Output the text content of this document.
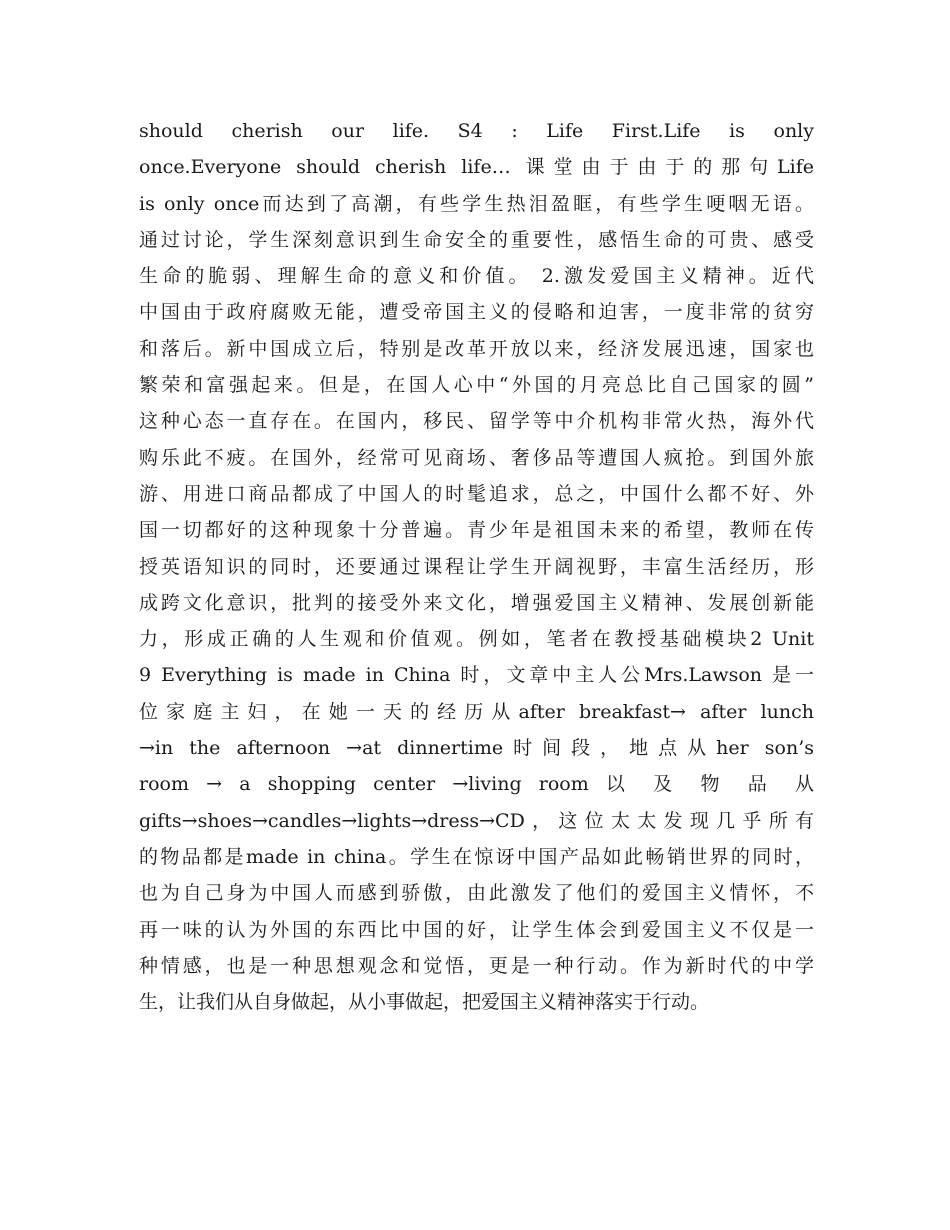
should cherish our life. S4 : Life First.Life is only
once.Everyone should cherish life… 课堂由于由于的那句Life
is only once而达到了高潮，有些学生热泪盈眶，有些学生哽咽无语。
通过讨论，学生深刻意识到生命安全的重要性，感悟生命的可贵、感受
生命的脆弱、理解生命的意义和价值。 2.激发爱国主义精神。近代
中国由于政府腐败无能，遭受帝国主义的侵略和迫害，一度非常的贫穷
和落后。新中国成立后，特别是改革开放以来，经济发展迅速，国家也
繁荣和富强起来。但是，在国人心中“外国的月亮总比自己国家的圆”
这种心态一直存在。在国内，移民、留学等中介机构非常火热，海外代
购乐此不疲。在国外，经常可见商场、奢侈品等遭国人疯抢。到国外旅
游、用进口商品都成了中国人的时髦追求，总之，中国什么都不好、外
国一切都好的这种现象十分普遍。青少年是祖国未来的希望，教师在传
授英语知识的同时，还要通过课程让学生开阔视野，丰富生活经历，形
成跨文化意识，批判的接受外来文化，增强爱国主义精神、发展创新能
力，形成正确的人生观和价值观。例如，笔者在教授基础模块2 Unit
9 Everything is made in China 时，文章中主人公Mrs.Lawson 是一
位家庭主妇，在她一天的经历从after breakfast→ after lunch
→in the afternoon →at dinnertime时间段，地点从her son’s
room → a shopping center →living room 以 及 物 品 从
gifts→shoes→candles→lights→dress→CD，这位太太发现几乎所有
的物品都是made in china。学生在惊讶中国产品如此畅销世界的同时，
也为自己身为中国人而感到骄傲，由此激发了他们的爱国主义情怀，不
再一味的认为外国的东西比中国的好，让学生体会到爱国主义不仅是一
种情感，也是一种思想观念和觉悟，更是一种行动。作为新时代的中学
生，让我们从自身做起，从小事做起，把爱国主义精神落实于行动。
